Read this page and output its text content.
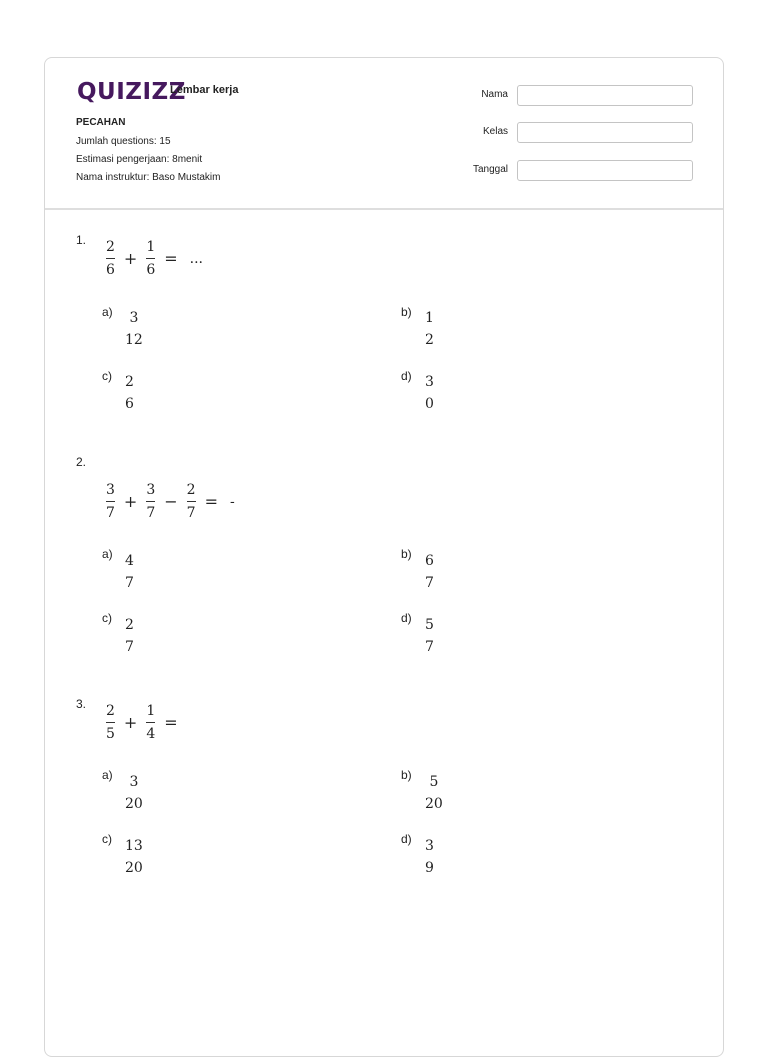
QUIZIZZ
Lembar kerja
PECAHAN
Jumlah questions: 15
Estimasi pengerjaan: 8menit
Nama instruktur: Baso Mustakim
Nama
Kelas
Tanggal
1. $\frac{2}{6} + \frac{1}{6}$ = ...
a) 3
12
b) 1
2
c) 2
6
d) 3
0
2.
$\frac{3}{7} + \frac{3}{7} - \frac{2}{7}$ = -
a) 4
7
b) 6
7
c) 2
7
d) 5
7
3. $\frac{2}{5} + \frac{1}{4}$ =
a) 3
20
b) 5
20
c) 13
20
d) 3
9
